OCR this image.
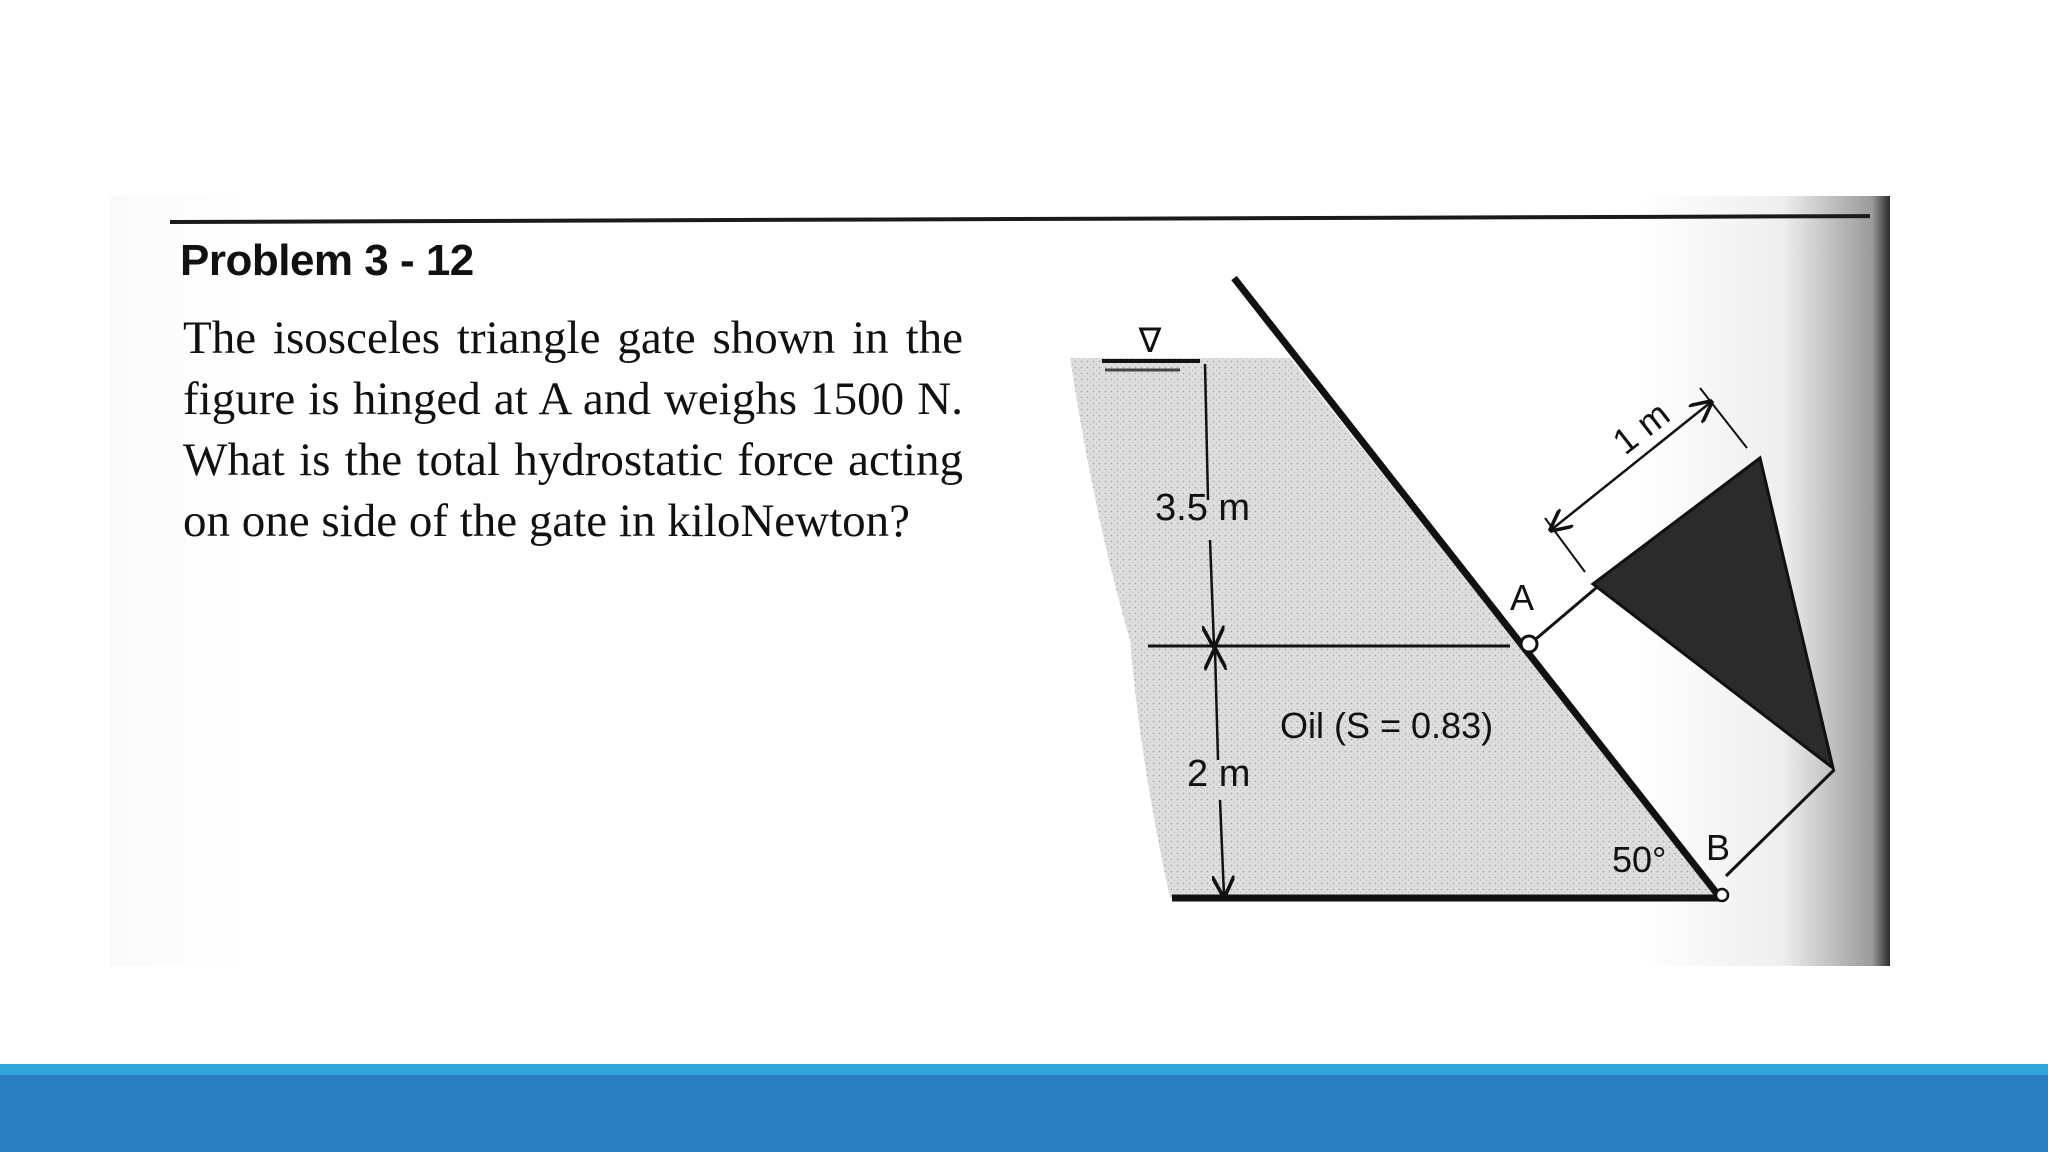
Problem 3 - 12
The isosceles triangle gate shown in the figure is hinged at A and weighs 1500 N. What is the total hydrostatic force acting on one side of the gate in kiloNewton?
∇
3.5 m
2 m
Oil (S = 0.83)
1 m
A
B
50°
